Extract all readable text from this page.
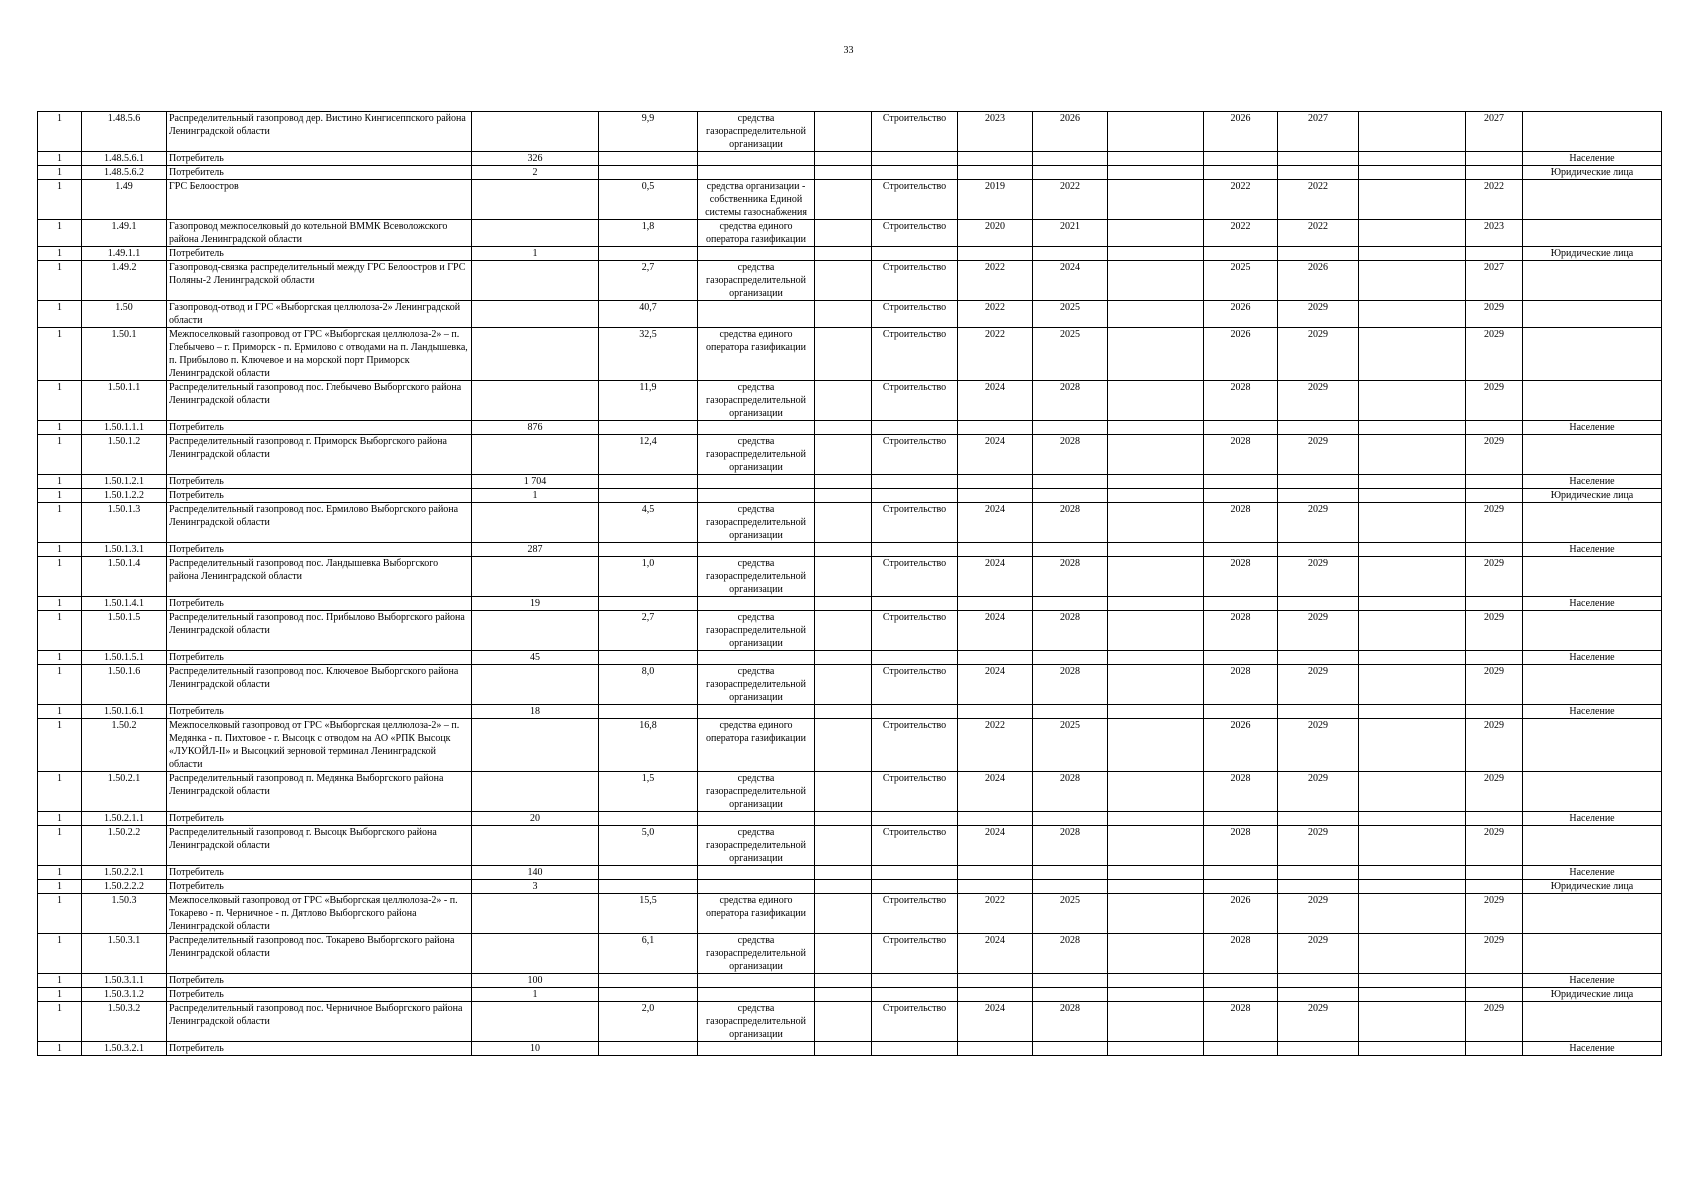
33
1	1.48.5.6	Распределительный газопровод дер. Вистино Кингисеппского района Ленинградской области		9,9	средства газораспределительной организации		Строительство	2023	2026		2026	2027		2027	
1	1.48.5.6.1	Потребитель	326												Население
1	1.48.5.6.2	Потребитель	2												Юридические лица
1	1.49	ГРС Белоостров		0,5	средства организации - собственника Единой системы газоснабжения		Строительство	2019	2022		2022	2022		2022	
1	1.49.1	Газопровод межпоселковый до котельной ВММК Всеволожского района Ленинградской области		1,8	средства единого оператора газификации		Строительство	2020	2021		2022	2022		2023	
1	1.49.1.1	Потребитель	1												Юридические лица
1	1.49.2	Газопровод-связка распределительный между ГРС Белоостров и ГРС Поляны-2 Ленинградской области		2,7	средства газораспределительной организации		Строительство	2022	2024		2025	2026		2027	
1	1.50	Газопровод-отвод и ГРС «Выборгская целлюлоза-2» Ленинградской области		40,7			Строительство	2022	2025		2026	2029		2029	
1	1.50.1	Межпоселковый газопровод от ГРС «Выборгская целлюлоза-2» – п. Глебычево – г. Приморск - п. Ермилово с отводами на п. Ландышевка, п. Прибылово п. Ключевое и на морской порт Приморск Ленинградской области		32,5	средства единого оператора газификации		Строительство	2022	2025		2026	2029		2029	
1	1.50.1.1	Распределительный газопровод пос. Глебычево Выборгского района Ленинградской области		11,9	средства газораспределительной организации		Строительство	2024	2028		2028	2029		2029	
1	1.50.1.1.1	Потребитель	876												Население
1	1.50.1.2	Распределительный газопровод г. Приморск Выборгского района Ленинградской области		12,4	средства газораспределительной организации		Строительство	2024	2028		2028	2029		2029	
1	1.50.1.2.1	Потребитель	1 704												Население
1	1.50.1.2.2	Потребитель	1												Юридические лица
1	1.50.1.3	Распределительный газопровод пос. Ермилово Выборгского района Ленинградской области		4,5	средства газораспределительной организации		Строительство	2024	2028		2028	2029		2029	
1	1.50.1.3.1	Потребитель	287												Население
1	1.50.1.4	Распределительный газопровод пос. Ландышевка Выборгского района Ленинградской области		1,0	средства газораспределительной организации		Строительство	2024	2028		2028	2029		2029	
1	1.50.1.4.1	Потребитель	19												Население
1	1.50.1.5	Распределительный газопровод пос. Прибылово Выборгского района Ленинградской области		2,7	средства газораспределительной организации		Строительство	2024	2028		2028	2029		2029	
1	1.50.1.5.1	Потребитель	45												Население
1	1.50.1.6	Распределительный газопровод пос. Ключевое Выборгского района Ленинградской области		8,0	средства газораспределительной организации		Строительство	2024	2028		2028	2029		2029	
1	1.50.1.6.1	Потребитель	18												Население
1	1.50.2	Межпоселковый газопровод от ГРС «Выборгская целлюлоза-2» – п. Медянка - п. Пихтовое - г. Высоцк с отводом на АО «РПК Высоцк «ЛУКОЙЛ-II» и Высоцкий зерновой терминал Ленинградской области		16,8	средства единого оператора газификации		Строительство	2022	2025		2026	2029		2029	
1	1.50.2.1	Распределительный газопровод п. Медянка Выборгского района Ленинградской области		1,5	средства газораспределительной организации		Строительство	2024	2028		2028	2029		2029	
1	1.50.2.1.1	Потребитель	20												Население
1	1.50.2.2	Распределительный газопровод г. Высоцк Выборгского района Ленинградской области		5,0	средства газораспределительной организации		Строительство	2024	2028		2028	2029		2029	
1	1.50.2.2.1	Потребитель	140												Население
1	1.50.2.2.2	Потребитель	3												Юридические лица
1	1.50.3	Межпоселковый газопровод от ГРС «Выборгская целлюлоза-2» - п. Токарево - п. Черничное - п. Дятлово Выборгского района Ленинградской области		15,5	средства единого оператора газификации		Строительство	2022	2025		2026	2029		2029	
1	1.50.3.1	Распределительный газопровод пос. Токарево Выборгского района Ленинградской области		6,1	средства газораспределительной организации		Строительство	2024	2028		2028	2029		2029	
1	1.50.3.1.1	Потребитель	100												Население
1	1.50.3.1.2	Потребитель	1												Юридические лица
1	1.50.3.2	Распределительный газопровод пос. Черничное Выборгского района Ленинградской области		2,0	средства газораспределительной организации		Строительство	2024	2028		2028	2029		2029	
1	1.50.3.2.1	Потребитель	10												Население
